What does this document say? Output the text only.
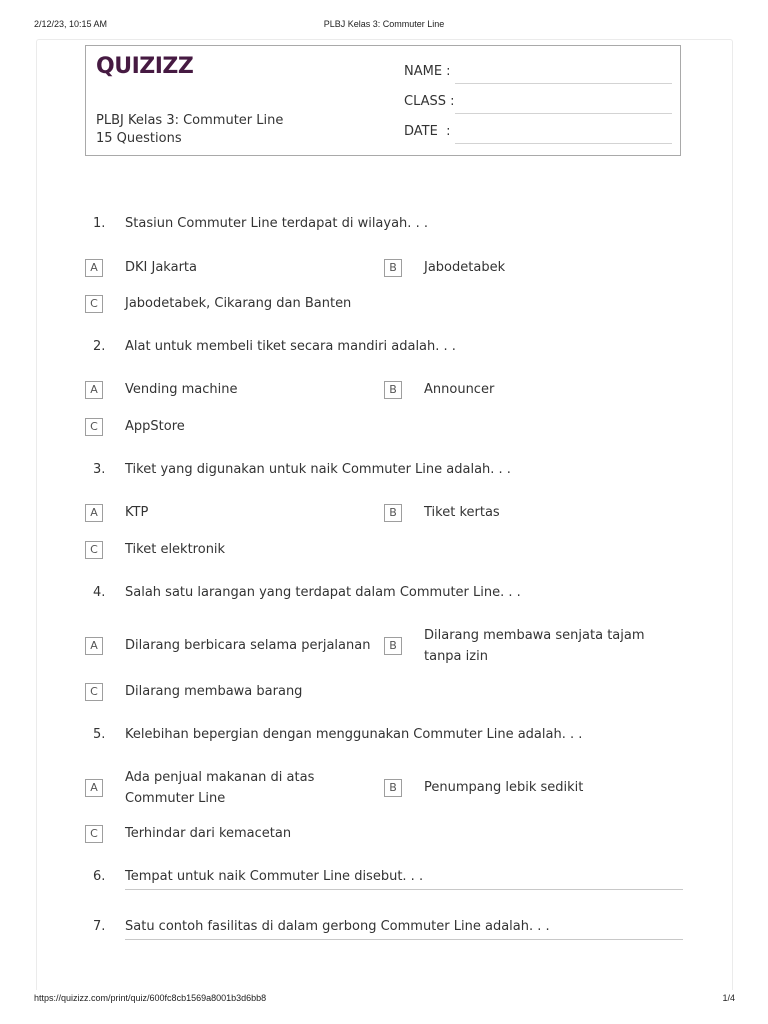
2/12/23, 10:15 AM	PLBJ Kelas 3: Commuter Line
https://quizizz.com/print/quiz/600fc8cb1569a8001b3d6bb8	1/4
QUIZIZZ
PLBJ Kelas 3: Commuter Line
15 Questions
NAME :
CLASS :
DATE  :
1. Stasiun Commuter Line terdapat di wilayah. . .
A	DKI Jakarta	B	Jabodetabek
C	Jabodetabek, Cikarang dan Banten
2. Alat untuk membeli tiket secara mandiri adalah. . .
A	Vending machine	B	Announcer
C	AppStore
3. Tiket yang digunakan untuk naik Commuter Line adalah. . .
A	KTP	B	Tiket kertas
C	Tiket elektronik
4. Salah satu larangan yang terdapat dalam Commuter Line. . .
A	Dilarang berbicara selama perjalanan	B
Dilarang membawa senjata tajam tanpa izin
C	Dilarang membawa barang
5. Kelebihan bepergian dengan menggunakan Commuter Line adalah. . .
A
Ada penjual makanan di atas Commuter Line
B	Penumpang lebik sedikit
C	Terhindar dari kemacetan
6. Tempat untuk naik Commuter Line disebut. . .
7. Satu contoh fasilitas di dalam gerbong Commuter Line adalah. . .
